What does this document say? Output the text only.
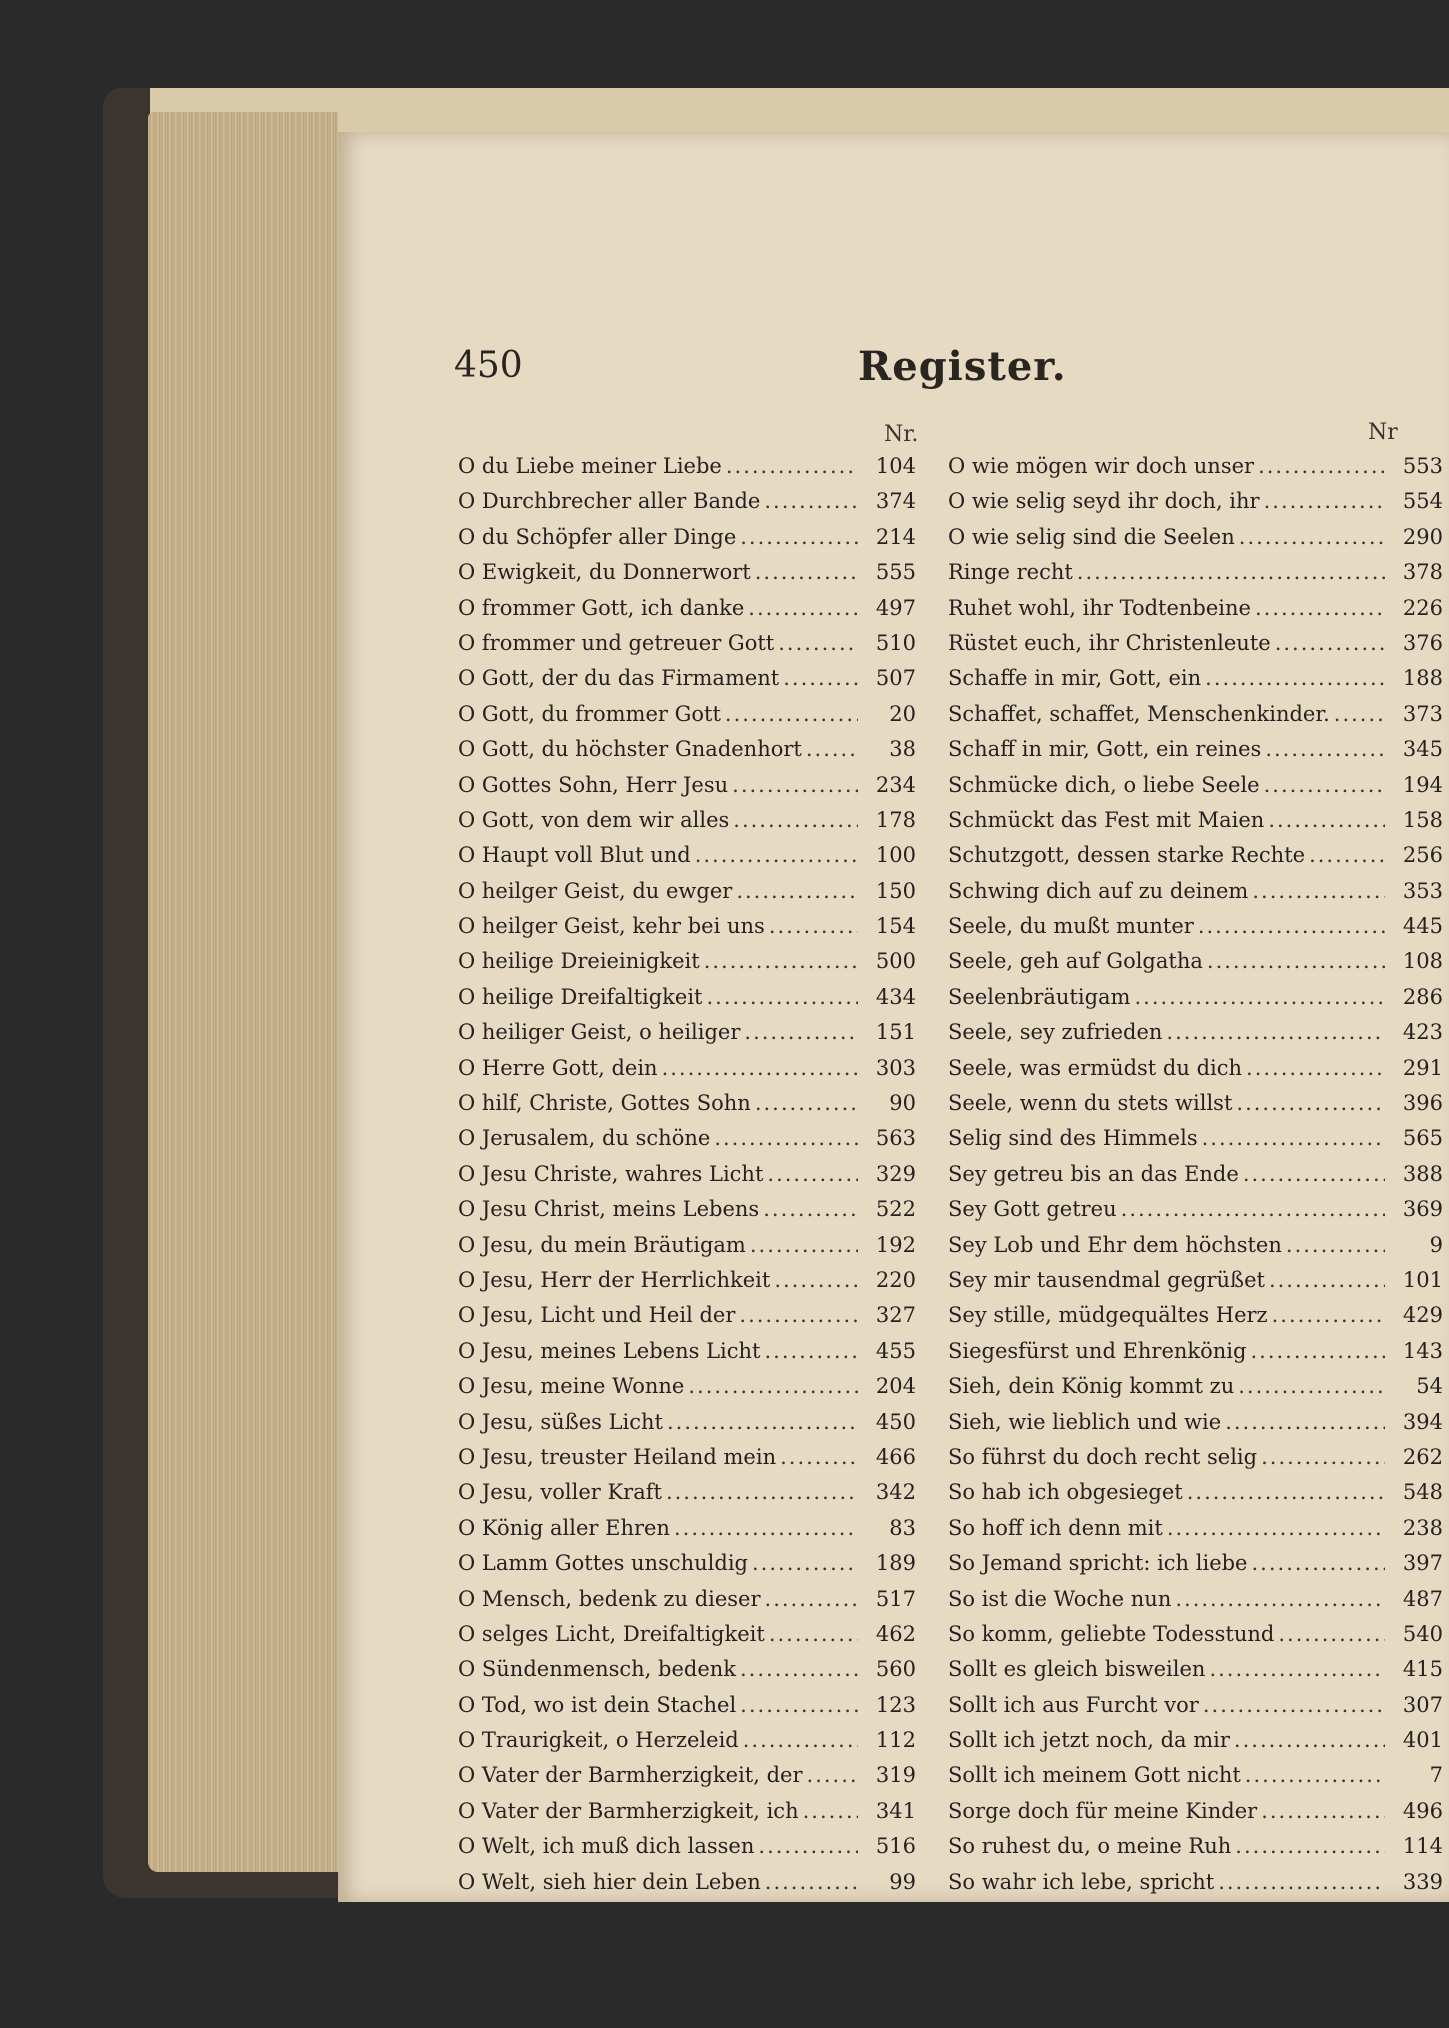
450	Register.
Nr.	Nr
O du Liebe meiner Liebe .....	104
O Durchbrecher aller Bande .....	374
O du Schöpfer aller Dinge .....	214
O Ewigkeit, du Donnerwort .....	555
O frommer Gott, ich danke .....	497
O frommer und getreuer Gott .....	510
O Gott, der du das Firmament .....	507
O Gott, du frommer Gott .....	20
O Gott, du höchster Gnadenhort .....	38
O Gottes Sohn, Herr Jesu .....	234
O Gott, von dem wir alles .....	178
O Haupt voll Blut und .....	100
O heilger Geist, du ewger .....	150
O heilger Geist, kehr bei uns .....	154
O heilige Dreieinigkeit .....	500
O heilige Dreifaltigkeit .....	434
O heiliger Geist, o heiliger .....	151
O Herre Gott, dein .....	303
O hilf, Christe, Gottes Sohn .....	90
O Jerusalem, du schöne .....	563
O Jesu Christe, wahres Licht .....	329
O Jesu Christ, meins Lebens .....	522
O Jesu, du mein Bräutigam .....	192
O Jesu, Herr der Herrlichkeit .....	220
O Jesu, Licht und Heil der .....	327
O Jesu, meines Lebens Licht .....	455
O Jesu, meine Wonne .....	204
O Jesu, süßes Licht .....	450
O Jesu, treuster Heiland mein .....	466
O Jesu, voller Kraft .....	342
O König aller Ehren .....	83
O Lamm Gottes unschuldig .....	189
O Mensch, bedenk zu dieser .....	517
O selges Licht, Dreifaltigkeit .....	462
O Sündenmensch, bedenk .....	560
O Tod, wo ist dein Stachel .....	123
O Traurigkeit, o Herzeleid .....	112
O Vater der Barmherzigkeit, der .....	319
O Vater der Barmherzigkeit, ich .....	341
O Welt, ich muß dich lassen .....	516
O Welt, sieh hier dein Leben .....	99
O wie mögen wir doch unser .....	553
O wie selig seyd ihr doch, ihr .....	554
O wie selig sind die Seelen .....	290
Ringe recht .....	378
Ruhet wohl, ihr Todtenbeine .....	226
Rüstet euch, ihr Christenleute .....	376
Schaffe in mir, Gott, ein .....	188
Schaffet, schaffet, Menschenkinder. .....	373
Schaff in mir, Gott, ein reines .....	345
Schmücke dich, o liebe Seele .....	194
Schmückt das Fest mit Maien .....	158
Schutzgott, dessen starke Rechte .....	256
Schwing dich auf zu deinem .....	353
Seele, du mußt munter .....	445
Seele, geh auf Golgatha .....	108
Seelenbräutigam .....	286
Seele, sey zufrieden .....	423
Seele, was ermüdst du dich .....	291
Seele, wenn du stets willst .....	396
Selig sind des Himmels .....	565
Sey getreu bis an das Ende .....	388
Sey Gott getreu .....	369
Sey Lob und Ehr dem höchsten .....	9
Sey mir tausendmal gegrüßet .....	101
Sey stille, müdgequältes Herz .....	429
Siegesfürst und Ehrenkönig .....	143
Sieh, dein König kommt zu .....	54
Sieh, wie lieblich und wie .....	394
So führst du doch recht selig .....	262
So hab ich obgesieget .....	548
So hoff ich denn mit .....	238
So Jemand spricht: ich liebe .....	397
So ist die Woche nun .....	487
So komm, geliebte Todesstund .....	540
Sollt es gleich bisweilen .....	415
Sollt ich aus Furcht vor .....	307
Sollt ich jetzt noch, da mir .....	401
Sollt ich meinem Gott nicht .....	7
Sorge doch für meine Kinder .....	496
So ruhest du, o meine Ruh .....	114
So wahr ich lebe, spricht .....	339
